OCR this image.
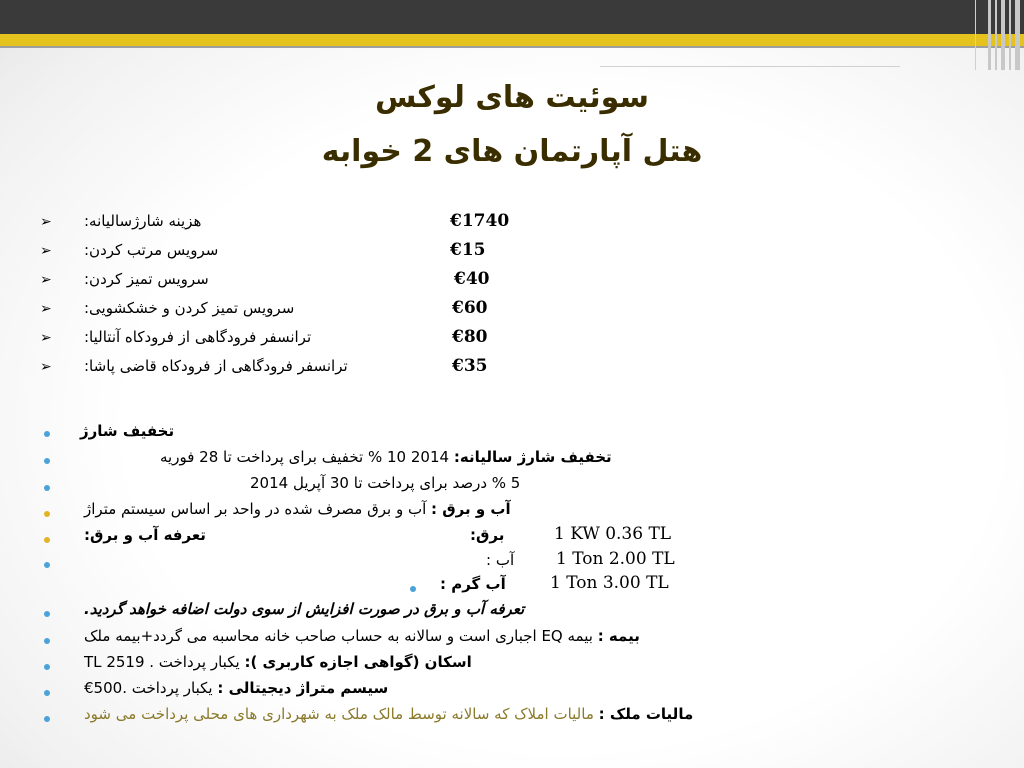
سوئیت های لوکس
هتل آپارتمان های 2 خوابه
➢ هزینه شارژسالیانه:	€1740
➢ سرویس مرتب کردن:	€15
➢ سرویس تمیز کردن:	€40
➢ سرویس تمیز کردن و خشکشویی:	€60
➢ ترانسفر فرودگاهی از فرودکاه آنتالیا:	€80
➢ ترانسفر فرودگاهی از فرودکاه قاضی پاشا:	€35
تخفیف شارژ
تخفیف شارژ سالیانه: 2014 10 % تخفیف برای پرداخت تا 28 فوریه
5 % درصد برای پرداخت تا 30 آپریل 2014
آب و برق : آب و برق مصرف شده در واحد بر اساس سیستم متراژ
تعرفه آب و برق:	برق:	1 KW 0.36 TL
آب : 1 Ton 2.00 TL
آب گرم :	1 Ton 3.00 TL
تعرفه آب و برق در صورت افزایش از سوی دولت اضافه خواهد گردید.
بیمه : بیمه EQ اجباری است و سالانه به حساب صاحب خانه محاسبه می گردد+بیمه ملک
اسکان (گواهی اجازه کاربری ): یکبار پرداخت . 2519 TL
سیسم متراژ دیجیتالی : یکبار پرداخت .500€
مالیات ملک : مالیات املاک که سالانه توسط مالک ملک به شهرداری های محلی پرداخت می شود
